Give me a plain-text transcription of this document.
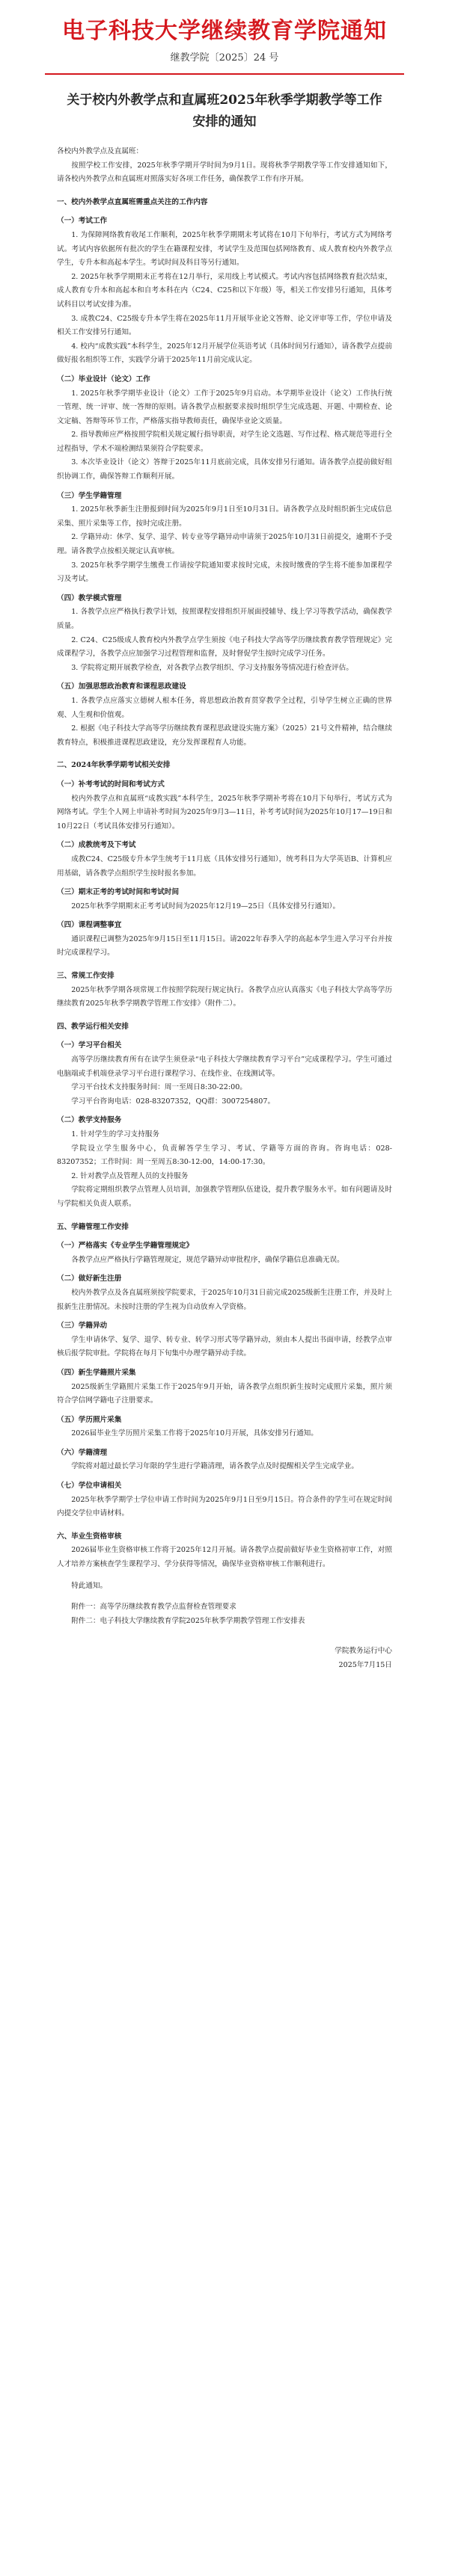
电子科技大学继续教育学院通知
继教学院〔2025〕24 号
关于校内外教学点和直属班2025年秋季学期教学等工作安排的通知

各校内外教学点及直属班：

按照学校工作安排，2025年秋季学期开学时间为9月1日。现将秋季学期教学等工作安排通知如下，请各校内外教学点和直属班对照落实好各项工作任务，确保教学工作有序开展。

一、校内外教学点直属班需重点关注的工作内容

（一）考试工作

1. 为保障网络教育收尾工作顺利，2025年秋季学期期末考试将在10月下旬举行，考试方式为网络考试。考试内容依据所有批次的学生在籍课程安排，考试学生及范围包括网络教育、成人教育校内外教学点学生，专升本和高起本学生。考试时间及科目等另行通知。

2. 2025年秋季学期期末正考将在12月举行，采用线上考试模式。考试内容包括网络教育批次结束，成人教育专升本和高起本和自考本科在内（C24、C25和以下年级）等，相关工作安排另行通知，具体考试科目以考试安排为准。

3. 成教C24、C25级专升本学生将在2025年11月开展毕业论文答辩、论文评审等工作，学位申请及相关工作安排另行通知。

4. 校内“成教实践”本科学生，2025年12月开展学位英语考试（具体时间另行通知），请各教学点提前做好报名组织等工作，实践学分请于2025年11月前完成认定。

（二）毕业设计（论文）工作

1. 2025年秋季学期毕业设计（论文）工作于2025年9月启动。本学期毕业设计（论文）工作执行统一管理、统一评审、统一答辩的原则。请各教学点根据要求按时组织学生完成选题、开题、中期检查、论文定稿、答辩等环节工作，严格落实指导教师责任，确保毕业论文质量。

2. 指导教师应严格按照学院相关规定履行指导职责，对学生论文选题、写作过程、格式规范等进行全过程指导，学术不端检测结果须符合学院要求。

3. 本次毕业设计（论文）答辩于2025年11月底前完成，具体安排另行通知。请各教学点提前做好组织协调工作，确保答辩工作顺利开展。

（三）学生学籍管理

1. 2025年秋季新生注册报到时间为2025年9月1日至10月31日。请各教学点及时组织新生完成信息采集、照片采集等工作，按时完成注册。

2. 学籍异动：休学、复学、退学、转专业等学籍异动申请须于2025年10月31日前提交，逾期不予受理。请各教学点按相关规定认真审核。

3. 2025年秋季学期学生缴费工作请按学院通知要求按时完成，未按时缴费的学生将不能参加课程学习及考试。

（四）教学模式管理

1. 各教学点应严格执行教学计划，按照课程安排组织开展面授辅导、线上学习等教学活动，确保教学质量。

2. C24、C25级成人教育校内外教学点学生须按《电子科技大学高等学历继续教育教学管理规定》完成课程学习，各教学点应加强学习过程管理和监督，及时督促学生按时完成学习任务。

3. 学院将定期开展教学检查，对各教学点教学组织、学习支持服务等情况进行检查评估。

（五）加强思想政治教育和课程思政建设

1. 各教学点应落实立德树人根本任务，将思想政治教育贯穿教学全过程，引导学生树立正确的世界观、人生观和价值观。

2. 根据《电子科技大学高等学历继续教育课程思政建设实施方案》（2025）21号文件精神，结合继续教育特点，积极推进课程思政建设，充分发挥课程育人功能。

二、2024年秋季学期考试相关安排

（一）补考考试的时间和考试方式

校内外教学点和直属班“成教实践”本科学生，2025年秋季学期补考将在10月下旬举行，考试方式为网络考试。学生个人网上申请补考时间为2025年9月3—11日，补考考试时间为2025年10月17—19日和10月22日（考试具体安排另行通知）。

（二）成教统考及下考试

成教C24、C25级专升本学生统考于11月底（具体安排另行通知），统考科目为大学英语B、计算机应用基础，请各教学点组织学生按时报名参加。

（三）期末正考的考试时间和考试时间

2025年秋季学期期末正考考试时间为2025年12月19—25日（具体安排另行通知）。

（四）课程调整事宜

通识课程已调整为2025年9月15日至11月15日。请2022年春季入学的高起本学生进入学习平台并按时完成课程学习。

三、常规工作安排

2025年秋季学期各项常规工作按照学院现行规定执行。各教学点应认真落实《电子科技大学高等学历继续教育2025年秋季学期教学管理工作安排》（附件二）。

四、教学运行相关安排

（一）学习平台相关

高等学历继续教育所有在读学生须登录“电子科技大学继续教育学习平台”完成课程学习。学生可通过电脑端或手机端登录学习平台进行课程学习、在线作业、在线测试等。

学习平台技术支持服务时间：周一至周日8:30-22:00。

学习平台咨询电话：028-83207352，QQ群：3007254807。

（二）教学支持服务

1. 针对学生的学习支持服务

学院设立学生服务中心，负责解答学生学习、考试、学籍等方面的咨询。咨询电话：028-83207352；工作时间：周一至周五8:30-12:00，14:00-17:30。

2. 针对教学点及管理人员的支持服务

学院将定期组织教学点管理人员培训，加强教学管理队伍建设，提升教学服务水平。如有问题请及时与学院相关负责人联系。

五、学籍管理工作安排

（一）严格落实《专业学生学籍管理规定》

各教学点应严格执行学籍管理规定，规范学籍异动审批程序，确保学籍信息准确无误。

（二）做好新生注册

校内外教学点及各直属班须按学院要求，于2025年10月31日前完成2025级新生注册工作，并及时上报新生注册情况。未按时注册的学生视为自动放弃入学资格。

（三）学籍异动

学生申请休学、复学、退学、转专业、转学习形式等学籍异动，须由本人提出书面申请，经教学点审核后报学院审批。学院将在每月下旬集中办理学籍异动手续。

（四）新生学籍照片采集

2025级新生学籍照片采集工作于2025年9月开始，请各教学点组织新生按时完成照片采集，照片须符合学信网学籍电子注册要求。

（五）学历照片采集

2026届毕业生学历照片采集工作将于2025年10月开展，具体安排另行通知。

（六）学籍清理

学院将对超过最长学习年限的学生进行学籍清理，请各教学点及时提醒相关学生完成学业。

（七）学位申请相关

2025年秋季学期学士学位申请工作时间为2025年9月1日至9月15日。符合条件的学生可在规定时间内提交学位申请材料。

六、毕业生资格审核

2026届毕业生资格审核工作将于2025年12月开展。请各教学点提前做好毕业生资格初审工作，对照人才培养方案核查学生课程学习、学分获得等情况，确保毕业资格审核工作顺利进行。

特此通知。

附件一：高等学历继续教育教学点监督检查管理要求

附件二：电子科技大学继续教育学院2025年秋季学期教学管理工作安排表

学院教务运行中心
2025年7月15日
